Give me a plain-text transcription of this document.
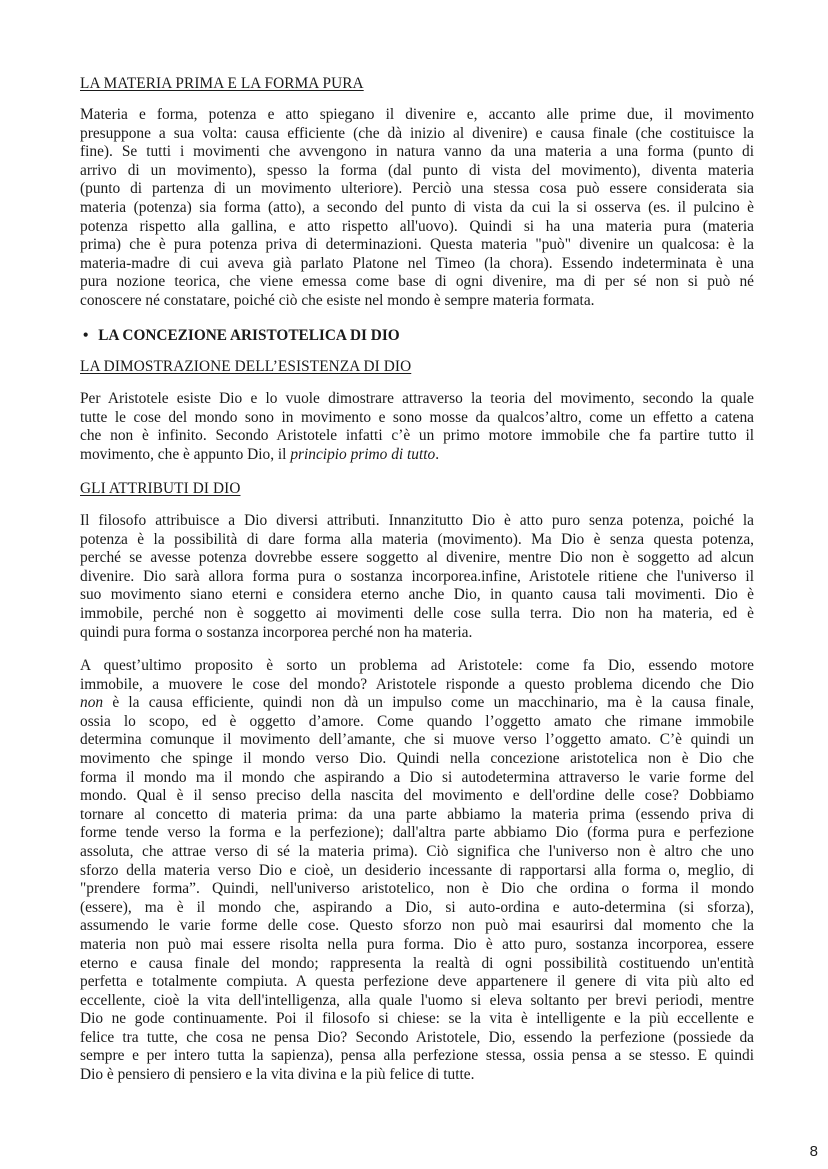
LA MATERIA PRIMA E LA FORMA PURA
Materia e forma, potenza e atto spiegano il divenire e, accanto alle prime due, il movimento
presuppone a sua volta: causa efficiente (che dà inizio al divenire) e causa finale (che costituisce la
fine). Se tutti i movimenti che avvengono in natura vanno da una materia a una forma (punto di
arrivo di un movimento), spesso la forma (dal punto di vista del movimento), diventa materia
(punto di partenza di un movimento ulteriore). Perciò una stessa cosa può essere considerata sia
materia (potenza) sia forma (atto), a secondo del punto di vista da cui la si osserva (es. il pulcino è
potenza rispetto alla gallina, e atto rispetto all'uovo). Quindi si ha una materia pura (materia
prima) che è pura potenza priva di determinazioni. Questa materia "può" divenire un qualcosa: è la
materia-madre di cui aveva già parlato Platone nel Timeo (la chora). Essendo indeterminata è una
pura nozione teorica, che viene emessa come base di ogni divenire, ma di per sé non si può né
conoscere né constatare, poiché ciò che esiste nel mondo è sempre materia formata.
• LA CONCEZIONE ARISTOTELICA DI DIO
LA DIMOSTRAZIONE DELL’ESISTENZA DI DIO
Per Aristotele esiste Dio e lo vuole dimostrare attraverso la teoria del movimento, secondo la quale
tutte le cose del mondo sono in movimento e sono mosse da qualcos’altro, come un effetto a catena
che non è infinito. Secondo Aristotele infatti c’è un primo motore immobile che fa partire tutto il
movimento, che è appunto Dio, il principio primo di tutto.
GLI ATTRIBUTI DI DIO
Il filosofo attribuisce a Dio diversi attributi. Innanzitutto Dio è atto puro senza potenza, poiché la
potenza è la possibilità di dare forma alla materia (movimento). Ma Dio è senza questa potenza,
perché se avesse potenza dovrebbe essere soggetto al divenire, mentre Dio non è soggetto ad alcun
divenire. Dio sarà allora forma pura o sostanza incorporea.infine, Aristotele ritiene che l'universo il
suo movimento siano eterni e considera eterno anche Dio, in quanto causa tali movimenti. Dio è
immobile, perché non è soggetto ai movimenti delle cose sulla terra. Dio non ha materia, ed è
quindi pura forma o sostanza incorporea perché non ha materia.
A quest’ultimo proposito è sorto un problema ad Aristotele: come fa Dio, essendo motore
immobile, a muovere le cose del mondo? Aristotele risponde a questo problema dicendo che Dio
non è la causa efficiente, quindi non dà un impulso come un macchinario, ma è la causa finale,
ossia lo scopo, ed è oggetto d’amore. Come quando l’oggetto amato che rimane immobile
determina comunque il movimento dell’amante, che si muove verso l’oggetto amato. C’è quindi un
movimento che spinge il mondo verso Dio. Quindi nella concezione aristotelica non è Dio che
forma il mondo ma il mondo che aspirando a Dio si autodetermina attraverso le varie forme del
mondo. Qual è il senso preciso della nascita del movimento e dell'ordine delle cose? Dobbiamo
tornare al concetto di materia prima: da una parte abbiamo la materia prima (essendo priva di
forme tende verso la forma e la perfezione); dall'altra parte abbiamo Dio (forma pura e perfezione
assoluta, che attrae verso di sé la materia prima). Ciò significa che l'universo non è altro che uno
sforzo della materia verso Dio e cioè, un desiderio incessante di rapportarsi alla forma o, meglio, di
"prendere forma”. Quindi, nell'universo aristotelico, non è Dio che ordina o forma il mondo
(essere), ma è il mondo che, aspirando a Dio, si auto-ordina e auto-determina (si sforza),
assumendo le varie forme delle cose. Questo sforzo non può mai esaurirsi dal momento che la
materia non può mai essere risolta nella pura forma. Dio è atto puro, sostanza incorporea, essere
eterno e causa finale del mondo; rappresenta la realtà di ogni possibilità costituendo un'entità
perfetta e totalmente compiuta. A questa perfezione deve appartenere il genere di vita più alto ed
eccellente, cioè la vita dell'intelligenza, alla quale l'uomo si eleva soltanto per brevi periodi, mentre
Dio ne gode continuamente. Poi il filosofo si chiese: se la vita è intelligente e la più eccellente e
felice tra tutte, che cosa ne pensa Dio? Secondo Aristotele, Dio, essendo la perfezione (possiede da
sempre e per intero tutta la sapienza), pensa alla perfezione stessa, ossia pensa a se stesso. E quindi
Dio è pensiero di pensiero e la vita divina e la più felice di tutte.
8
